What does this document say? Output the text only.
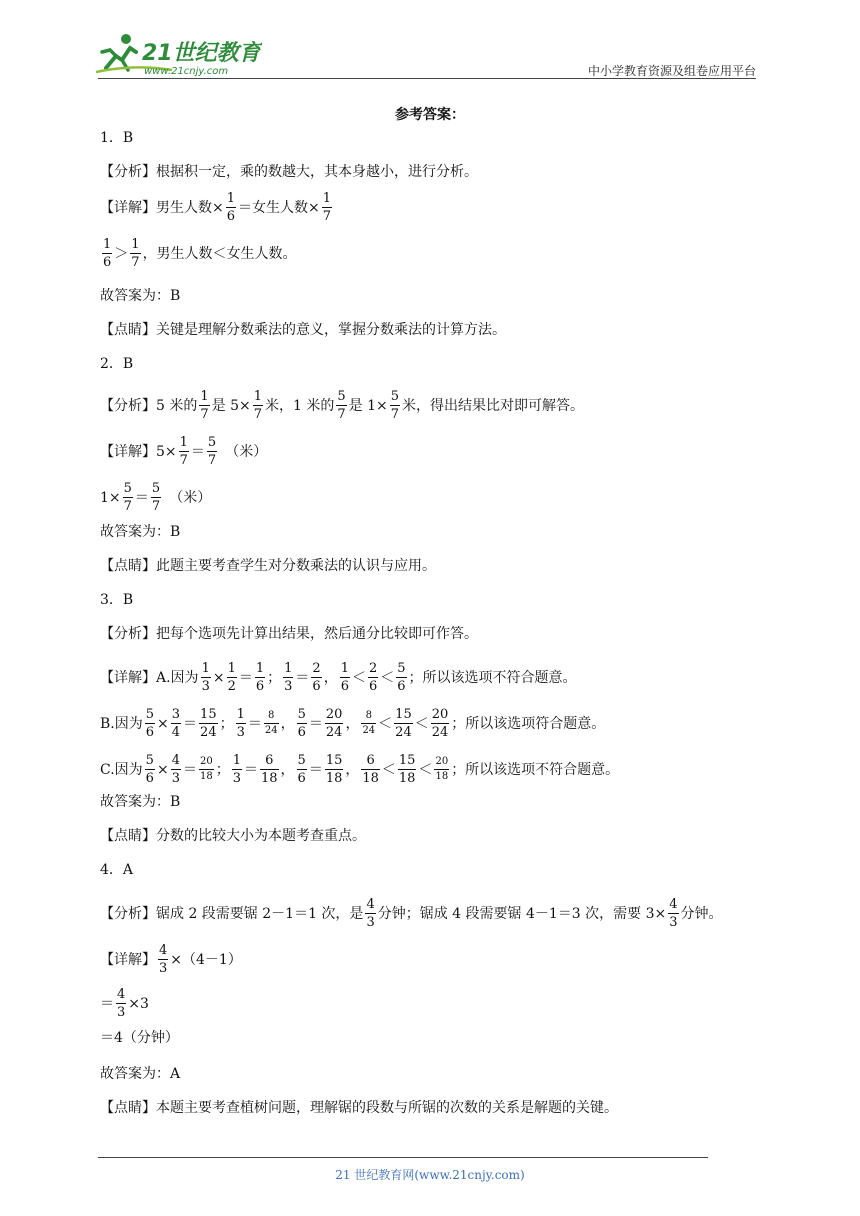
21世纪教育
www.21cnjy.com	中小学教育资源及组卷应用平台
参考答案：
1．B
【分析】根据积一定，乘的数越大，其本身越小，进行分析。
【详解】男生人数× $\frac{1}{6}$ ＝女生人数× $\frac{1}{7}$
$\frac{1}{6} > \frac{1}{7}$ ，男生人数＜女生人数。
故答案为：B
【点睛】关键是理解分数乘法的意义，掌握分数乘法的计算方法。
2．B
【分析】5 米的 $\frac{1}{7}$ 是 $5\times \frac{1}{7}$ 米，1 米的 $\frac{5}{7}$ 是 $1\times \frac{5}{7}$ 米，得出结果比对即可解答。
【详解】$5\times \frac{1}{7} = \frac{5}{7}$ （米）
$1\times \frac{5}{7} = \frac{5}{7}$ （米）
故答案为：B
【点睛】此题主要考查学生对分数乘法的认识与应用。
3．B
【分析】把每个选项先计算出结果，然后通分比较即可作答。
【详解】A.因为 $\frac{1}{3} \times \frac{1}{2} = \frac{1}{6}$ ； $\frac{1}{3} = \frac{2}{6}$ ， $\frac{1}{6} < \frac{2}{6} < \frac{5}{6}$ ；所以该选项不符合题意。
B.因为 $\frac{5}{6} \times \frac{3}{4} = \frac{15}{24}$ ； $\frac{1}{3} = \frac{8}{24}$ ， $\frac{5}{6} = \frac{20}{24}$ ， $\frac{8}{24} < \frac{15}{24} < \frac{20}{24}$ ；所以该选项符合题意。
C.因为 $\frac{5}{6} \times \frac{4}{3} = \frac{20}{18}$ ； $\frac{1}{3} = \frac{6}{18}$ ， $\frac{5}{6} = \frac{15}{18}$ ， $\frac{6}{18} < \frac{15}{18} < \frac{20}{18}$ ；所以该选项不符合题意。
故答案为：B
【点睛】分数的比较大小为本题考查重点。
4．A
【分析】锯成 2 段需要锯 2－1＝1 次，是 $\frac{4}{3}$ 分钟；锯成 4 段需要锯 4－1＝3 次，需要 $3\times \frac{4}{3}$ 分钟。
【详解】 $\frac{4}{3} \times(4-1)$
＝ $\frac{4}{3} \times 3$
＝4（分钟）
故答案为：A
【点睛】本题主要考查植树问题，理解锯的段数与所锯的次数的关系是解题的关键。
21 世纪教育网(www.21cnjy.com)
